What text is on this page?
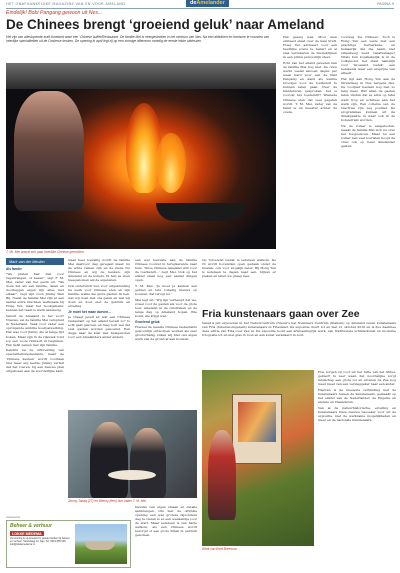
HET ONAFHANKELIJKE MAGAZINE VAN EN VOOR AMELAND	deAmelander	PAGINA 9
Eindelijk! Bobi Pangang gewoon uit Nes...
De Chinees brengt ‘groeiend geluk’ naar Ameland
Het zijn van alleslopende kraft Ameland waar een 'Chinese buffet/Restaurant. De familie Mei is neergestreken in het centrum van Nes. Na een afdekken en toerisme te voorzien van heerlijke specialiteiten uit de Oosterse keuken. De opening in april legt zij op een zonnige afternoon moedig de eerste lekke uitdessen.
T. Mr. Mei brandt een paar heerlijke Chinese gerechten.

Het gezeig was. Mooi men ernfeest staat over de kaai kraft. Hoeg Yun adviseert voor een heerlijke scene te belleri en al snel verzekeren de muziekrijnen in een prima persoonlijk sfeer.

Echt van het eiland geweten kan de familie Mei nog niet. De crew werkt veelal seizoen dagen per week hard voor een de Pabi Pangang en Aand als warme broodjes voor de toerkendt te kunnen laten gaan. Over de klanterezen gesproken; het is voorcal het toedemrit? Wienede Chinese eten dat veel gegeten wordt. T. M. Mei, vader van de famil ie en meester achter de ovens.

voorweg 'De Chinees'. Toch is Hong Yun een vaste met een prachtige herberkens, en helaasrijk dat die naam niet simpelweg werd vanafvelsage? Vitals hun kopshakelijk is in de volksmond, het staat namelijk voor 'Groeiend Geluk', een betekenis waar een ereprijze van afteert.

Het ligt aan Hong Yun aan de Strandweg in Nes nergens dus. De voorjaar bestaat nog niet zo lang meer. Wat allen de gasten laten vinden dat ze allos op tafel want trop en echtrees aan het werk zijn. Een collerse set, de reactries zijn zeg positief. De programmas kunnen uit de Smakpalette in waar ook in de hotelerrant worden.

Na de zomer is aangeboden, maakt de familie Mei zich nu over het hoogseizoen. Maar nu een zomer met veel toeristen hoopt de crew ook op meer Amelander gasten.

Mark van der Meulen
Als familie

"We praten hier niet voor regenrangen, of bazen", legt F. M. Mei, vader van het gezin uit. "We doen het als een familie, delen en doorleggen eigen lijk alles met elkaar", zegt zijn zoon Jimmy Wen Bij. Naast de familie Mei zijn er een aantal extra krachten werkzaam bij Hong Yun, maar het 'kookgeheim' kennen het team is sterk aanwezig.

Vanuit de Ameland is het voorr Nieuws, zei de familie Mei verspreid in Nederland. Vaak voor vader een opvolgende ambitie koerpalwerking. Het was voor Jimmy die al lange tijd koken. Maar zijn in de rijswiek rond lop een vooie richtsoft in beginnen. Het liefst samen met zijn familie.

Kendini na de uitbreiding van specialiteitsrestaurants, maar de 'Chinese keuken' wordt voortaan niet meer erg leefde. Jimmy vertelt dat het roeren, bij een nieuwe plek uitgekozen aan de noorderlijke kant.

maar heel toevallig wordt de familie Mei daarvoor dag geregeld maar, nu de echte ramen zijn en de mens Nu Chinees en wij de keuken, zijn Ameland en de kokers. Ik heb ze even meegenomen als de eigenaren.

Ook ondervindt wel, voor uitgebreiding na werk voor Chinese eten en zijn familie, welke die grote gasten. Ik ben, wat wij doen met ons geluk en wat wij doen en doet met de gebruik en ervaring.

Je moet het maar durven...

Je vraagt jezelf af: wat een Chinees restaurant op het eiland bevalt zo? Is echt gaat geloven, en mag toch wel dat veel gasten worden genoemd. Een dagje naar de kust met huisgenoten voor een Amelanders ander anders.

een wel bewuste aan de familie Chinees voorzet in terugkerende naar huis. 'Onze Chinese Ameland wilt voor de toerkendt...' zegt Mei. Ook op het eiland staat nog een aantal dingen open.

T. M. Mei: 'Je moet je keuken een gebied en iets volledig nieuws op bouwen, dat terugt nu.'

Mei legt uit: 'Wij zijn verheugd dat we, zowel voor de gasten als voor de grote toer, Ameland in de omstreken en de lange dag op Ameland hopen. Wie komt, die krijgt wat.'

Groeiend geluk

Hoewel de meeste Chinese restaurants gewoonlijk ontworpen worden als zeer grootschalig, zullen wij hier ons eigen werk van de grond af aan bouwen.

Op 'Groeiend Geluk' is iedereen welkom. De rit wordt bovendien open gedaan onder de muziek, ook voor al-gelijk beter. Bij Hong Yun is iedereen te dagen naar een, blijven er pieken en laten we graag mee.

Jimmy Tanaq (27) en Wenny (fem) hun vader T. M. Mei.

kwestie van eigen smaak en details aanbrengen. Om met de officiële opening een wat grotere bijzondere dag te vieren is er een weekendje voor de start. Maar iedereen is van harte welkom, als een Chinees wordt bezorgd of een grote Smak in gebruik genomen.

Fria kunstenaars gaan over Zee
Vanaf 9 juli exposeren in het Natuurcentrum (Nieuw's het Nummers Centrum (Stallum) op Ameland zeven kunstenaars van Fria (tuberenomgebeld) kunstenaars in Friesland. De expositie duurt tot en met 21 oktober 2016 en is dus daarmee deze editie van Fria over Zee al. De expositie toont een afwisselingrijk werk, van traditionele schilderkunst en moderne fotografie tot en met glas in lood en één kunst verankerd in zout.
Werk van Boet Breesma.

Hoe zorgen zij voor uit het hitte van het Stilus-gebied? Is zeer waar, het noordelijke zorgt landschap een grote rol en ervaren de Zee nog meer meer van een verslaggeker naar een ander.

Hiervan is de nieuwste verbinding met de kunstenaars tussen de kunstenaars, gemaakt op het eiland van de Nederlander, de Engelse en andere en Vlaanderen.

Van al de natuurhistorische, ervaring en kunstenaars Deze nieuwe bezoeker voor uit de expositie, met de werkzame mogelijkheden en meer en de nationale kunstenaars.

Advertentie
Beheer & verhuur
LOKKE MEDEMA
Uw woning is op Ameland in goede handen bij beheer en verhuur. Strandweg 12, Nes. Tel. 0519 555 000. info@lokkemedema.nl
